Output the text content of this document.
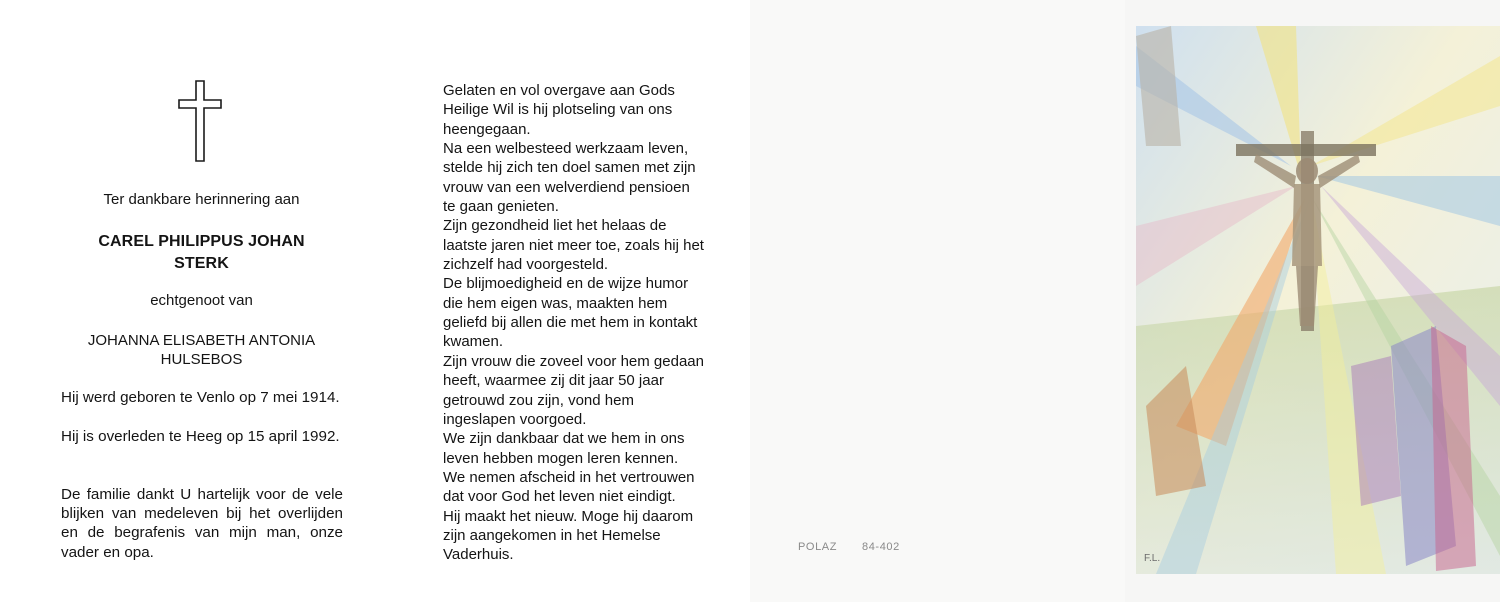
Ter dankbare herinnering aan
CAREL PHILIPPUS JOHAN
STERK
echtgenoot van
JOHANNA ELISABETH ANTONIA
HULSEBOS
Hij werd geboren te Venlo op 7 mei 1914.
Hij is overleden te Heeg op 15 april 1992.
De familie dankt U hartelijk voor de vele blijken van medeleven bij het overlijden en de begrafenis van mijn man, onze vader en opa.
Gelaten en vol overgave aan Gods
Heilige Wil is hij plotseling van ons
heengegaan.
Na een welbesteed werkzaam leven,
stelde hij zich ten doel samen met zijn
vrouw van een welverdiend pensioen
te gaan genieten.
Zijn gezondheid liet het helaas de
laatste jaren niet meer toe, zoals hij het
zichzelf had voorgesteld.
De blijmoedigheid en de wijze humor
die hem eigen was, maakten hem
geliefd bij allen die met hem in kontakt
kwamen.
Zijn vrouw die zoveel voor hem gedaan
heeft, waarmee zij dit jaar 50 jaar
getrouwd zou zijn, vond hem
ingeslapen voorgoed.
We zijn dankbaar dat we hem in ons
leven hebben mogen leren kennen.
We nemen afscheid in het vertrouwen
dat voor God het leven niet eindigt.
Hij maakt het nieuw. Moge hij daarom
zijn aangekomen in het Hemelse
Vaderhuis.	POLAZ 84-402
F.L.
